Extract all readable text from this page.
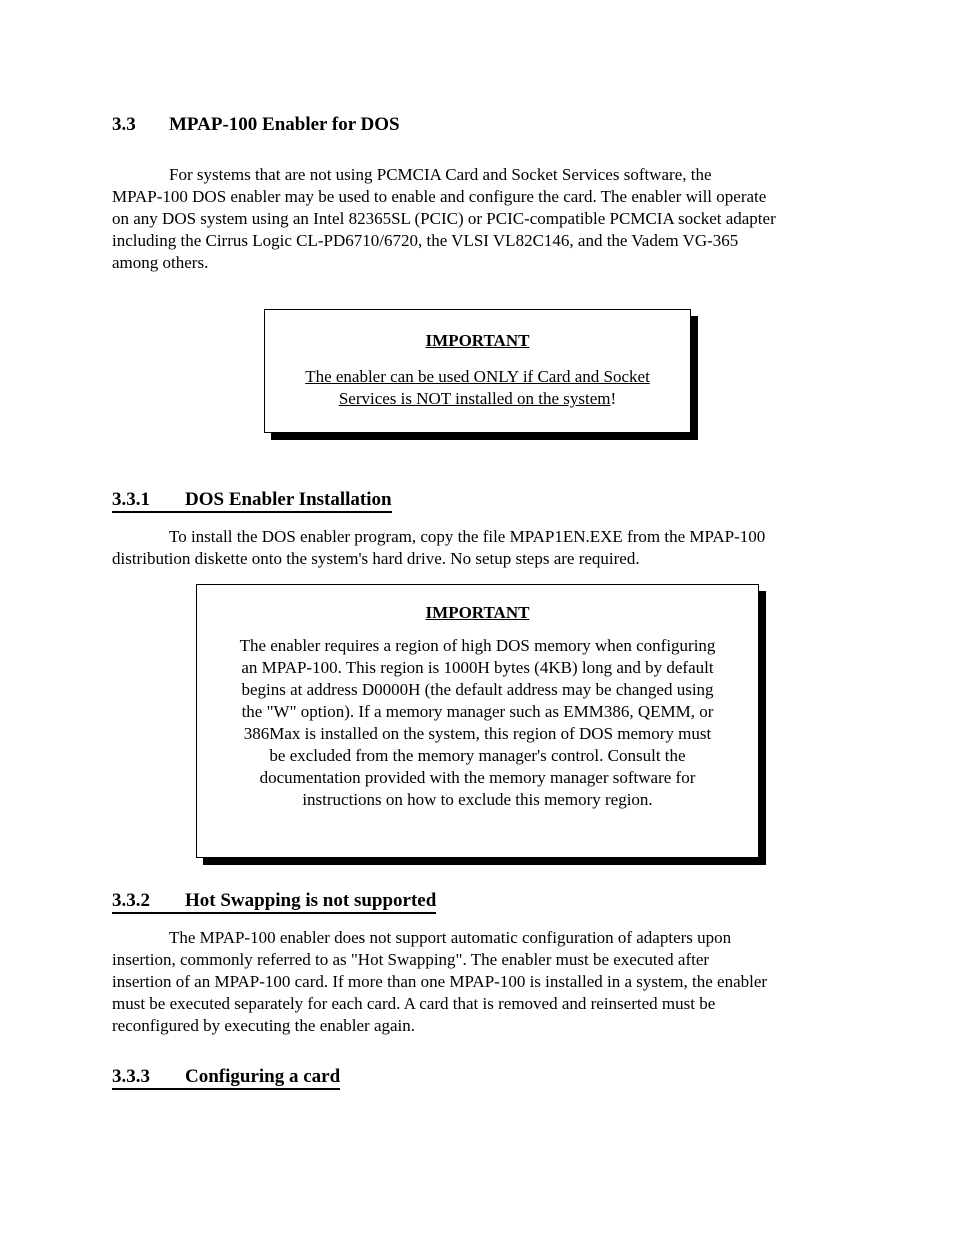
3.3 MPAP-100 Enabler for DOS
For systems that are not using PCMCIA Card and Socket Services software, the
MPAP-100 DOS enabler may be used to enable and configure the card. The enabler will operate
on any DOS system using an Intel 82365SL (PCIC) or PCIC-compatible PCMCIA socket adapter
including the Cirrus Logic CL-PD6710/6720, the VLSI VL82C146, and the Vadem VG-365
among others.
IMPORTANT
The enabler can be used ONLY if Card and Socket
Services is NOT installed on the system!
3.3.1 DOS Enabler Installation
To install the DOS enabler program, copy the file MPAP1EN.EXE from the MPAP-100
distribution diskette onto the system's hard drive. No setup steps are required.
IMPORTANT
The enabler requires a region of high DOS memory when configuring
an MPAP-100. This region is 1000H bytes (4KB) long and by default
begins at address D0000H (the default address may be changed using
the "W" option). If a memory manager such as EMM386, QEMM, or
386Max is installed on the system, this region of DOS memory must
be excluded from the memory manager's control. Consult the
documentation provided with the memory manager software for
instructions on how to exclude this memory region.
3.3.2 Hot Swapping is not supported
The MPAP-100 enabler does not support automatic configuration of adapters upon
insertion, commonly referred to as "Hot Swapping". The enabler must be executed after
insertion of an MPAP-100 card. If more than one MPAP-100 is installed in a system, the enabler
must be executed separately for each card. A card that is removed and reinserted must be
reconfigured by executing the enabler again.
3.3.3 Configuring a card
